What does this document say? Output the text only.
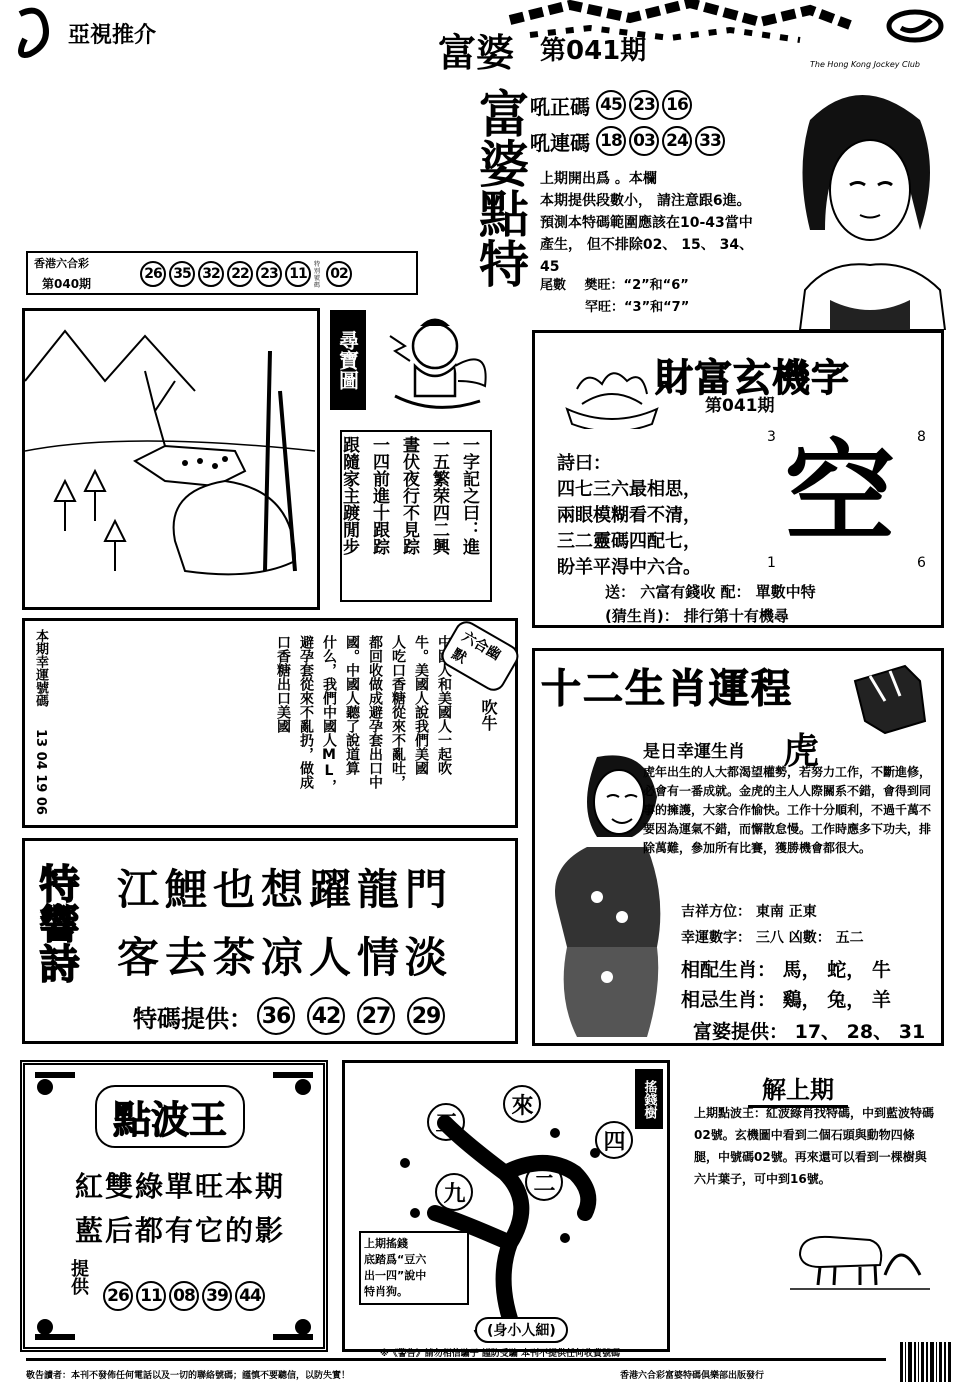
亞視推介	富婆 第041期	The Hong Kong Jockey Club
富婆點特 吼正碼 45 23 16
吼連碼 18 03 24 33
上期開出爲 。本欄
本期提供段數小， 請注意跟6進。
預測本特碼範圍應該在10-43當中
產生， 但不排除02、 15、 34、
45
尾數 樊旺：“2”和“6”
罕旺：“3”和“7”
香港六合彩
第040期
26 35 32 22 23 11
特別號碼
02
尋寶圖
一字記之曰：進
一五繁荣四二興
晝伏夜行不見踪
一四前進十跟踪
跟隨家主踱閒步
財富玄機字
第041期
3	8
空
1	6
詩曰：
四七三六最相思，
兩眼模糊看不清，
三二靈碼四配七，
盼羊平淂中六合。
送： 六富有錢收 配： 單數中特
(猜生肖)： 排行第十有機尋
本期幸運號碼
13 04 19 06	中國人和美國人一起吹
牛。美國人說我們美國
人吃口香糖從來不亂吐，
都回收做成避孕套出口中
國。中國人聽了說道算
什么，我們中國人ML，
避孕套從來不亂扔，做成
口香糖出口美國	六合幽默
吹牛
特響詩 江鯉也想躍龍門
客去茶凉人情淡
特碼提供： 36 42 27 29
十二生肖運程
是日幸運生肖 虎
虎年出生的人大都渴望權勢，若努力工作，不斷進修，必會有一番成就。金虎的主人人際關系不錯，會得到同事的擁護，大家合作愉快。工作十分順利，不過千萬不要因為運氣不錯，而懈散怠慢。工作時應多下功夫，排除萬難，參加所有比賽，獲勝機會都很大。
吉祥方位： 東南 正東
幸運數字： 三八 凶數： 五二
相配生肖： 馬， 蛇， 牛
相忌生肖： 鷄， 兔， 羊
富婆提供： 17、 28、 31
點波王
紅雙綠單旺本期
藍后都有它的影
提供
26 11 08 39 44
搖錢樹
三
來
四
九	二
上期搖錢
底踏爲“豆六
出一四”說中
特肖狗。
(身小人細)
解上期
上期點波王：紅波綠肖找特碼，中到藍波特碼02號。玄機圖中看到二個石頭與動物四條腿，中號碼02號。再來還可以看到一棵樹與六片葉子，可中到16號。
※《警告》請勿相信騙子 謹防受騙 本刊不提供任何收費號碼
敬告讀者：本刊不發佈任何電話以及一切的聯絡號碼；謹慎不要聽信，以防失實！	香港六合彩富婆特碼俱樂部出版發行
